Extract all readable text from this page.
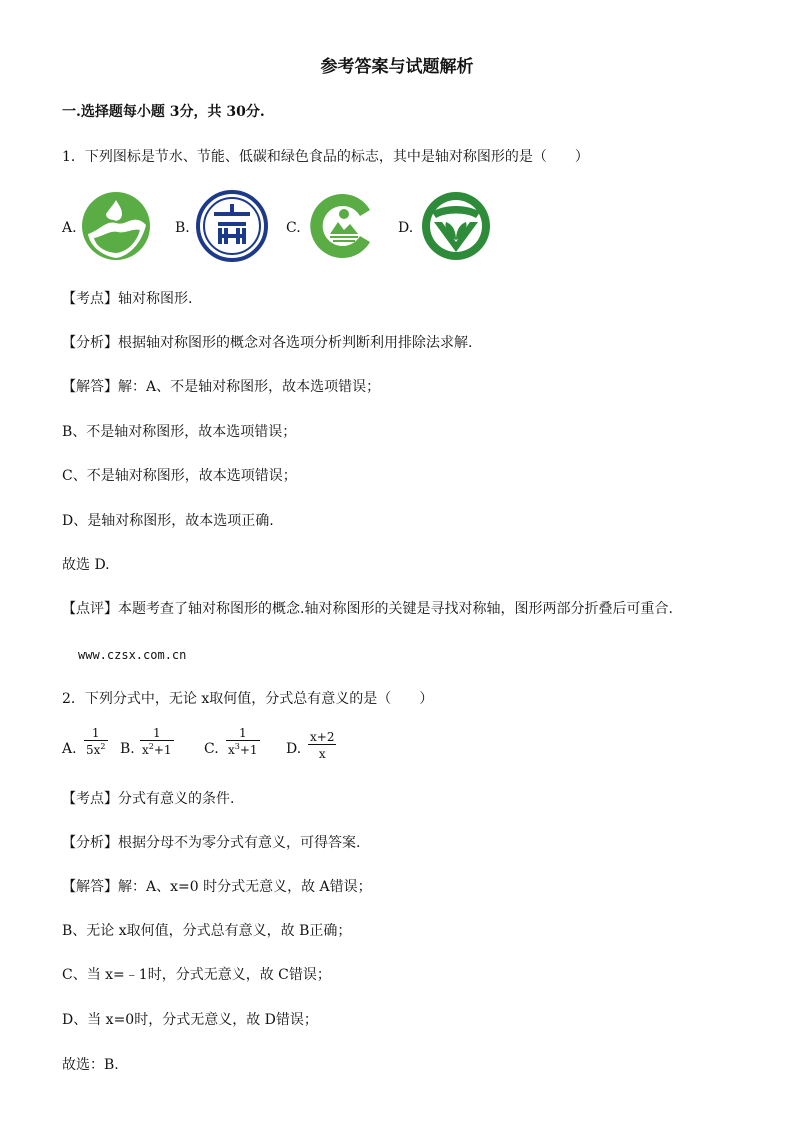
参考答案与试题解析
一.选择题每小题 3分，共 30分.
1．下列图标是节水、节能、低碳和绿色食品的标志，其中是轴对称图形的是（　　）
A.	B.	C.	D.
【考点】轴对称图形.
【分析】根据轴对称图形的概念对各选项分析判断利用排除法求解.
【解答】解：A、不是轴对称图形，故本选项错误；
B、不是轴对称图形，故本选项错误；
C、不是轴对称图形，故本选项错误；
D、是轴对称图形，故本选项正确.
故选 D.
【点评】本题考查了轴对称图形的概念.轴对称图形的关键是寻找对称轴，图形两部分折叠后可重合.
www.czsx.com.cn
2．下列分式中，无论 x取何值，分式总有意义的是（　　）
A. $\frac{1}{5x^2} B$. $\frac{1}{x^2+1} C$. $\frac{1}{x^3+1} D$. $\frac{x+2}{x}$
【考点】分式有意义的条件.
【分析】根据分母不为零分式有意义，可得答案.
【解答】解：A、x=0 时分式无意义，故 A错误；
B、无论 x取何值，分式总有意义，故 B正确；
C、当 x=﹣1时，分式无意义，故 C错误；
D、当 x=0时，分式无意义，故 D错误；
故选：B.
